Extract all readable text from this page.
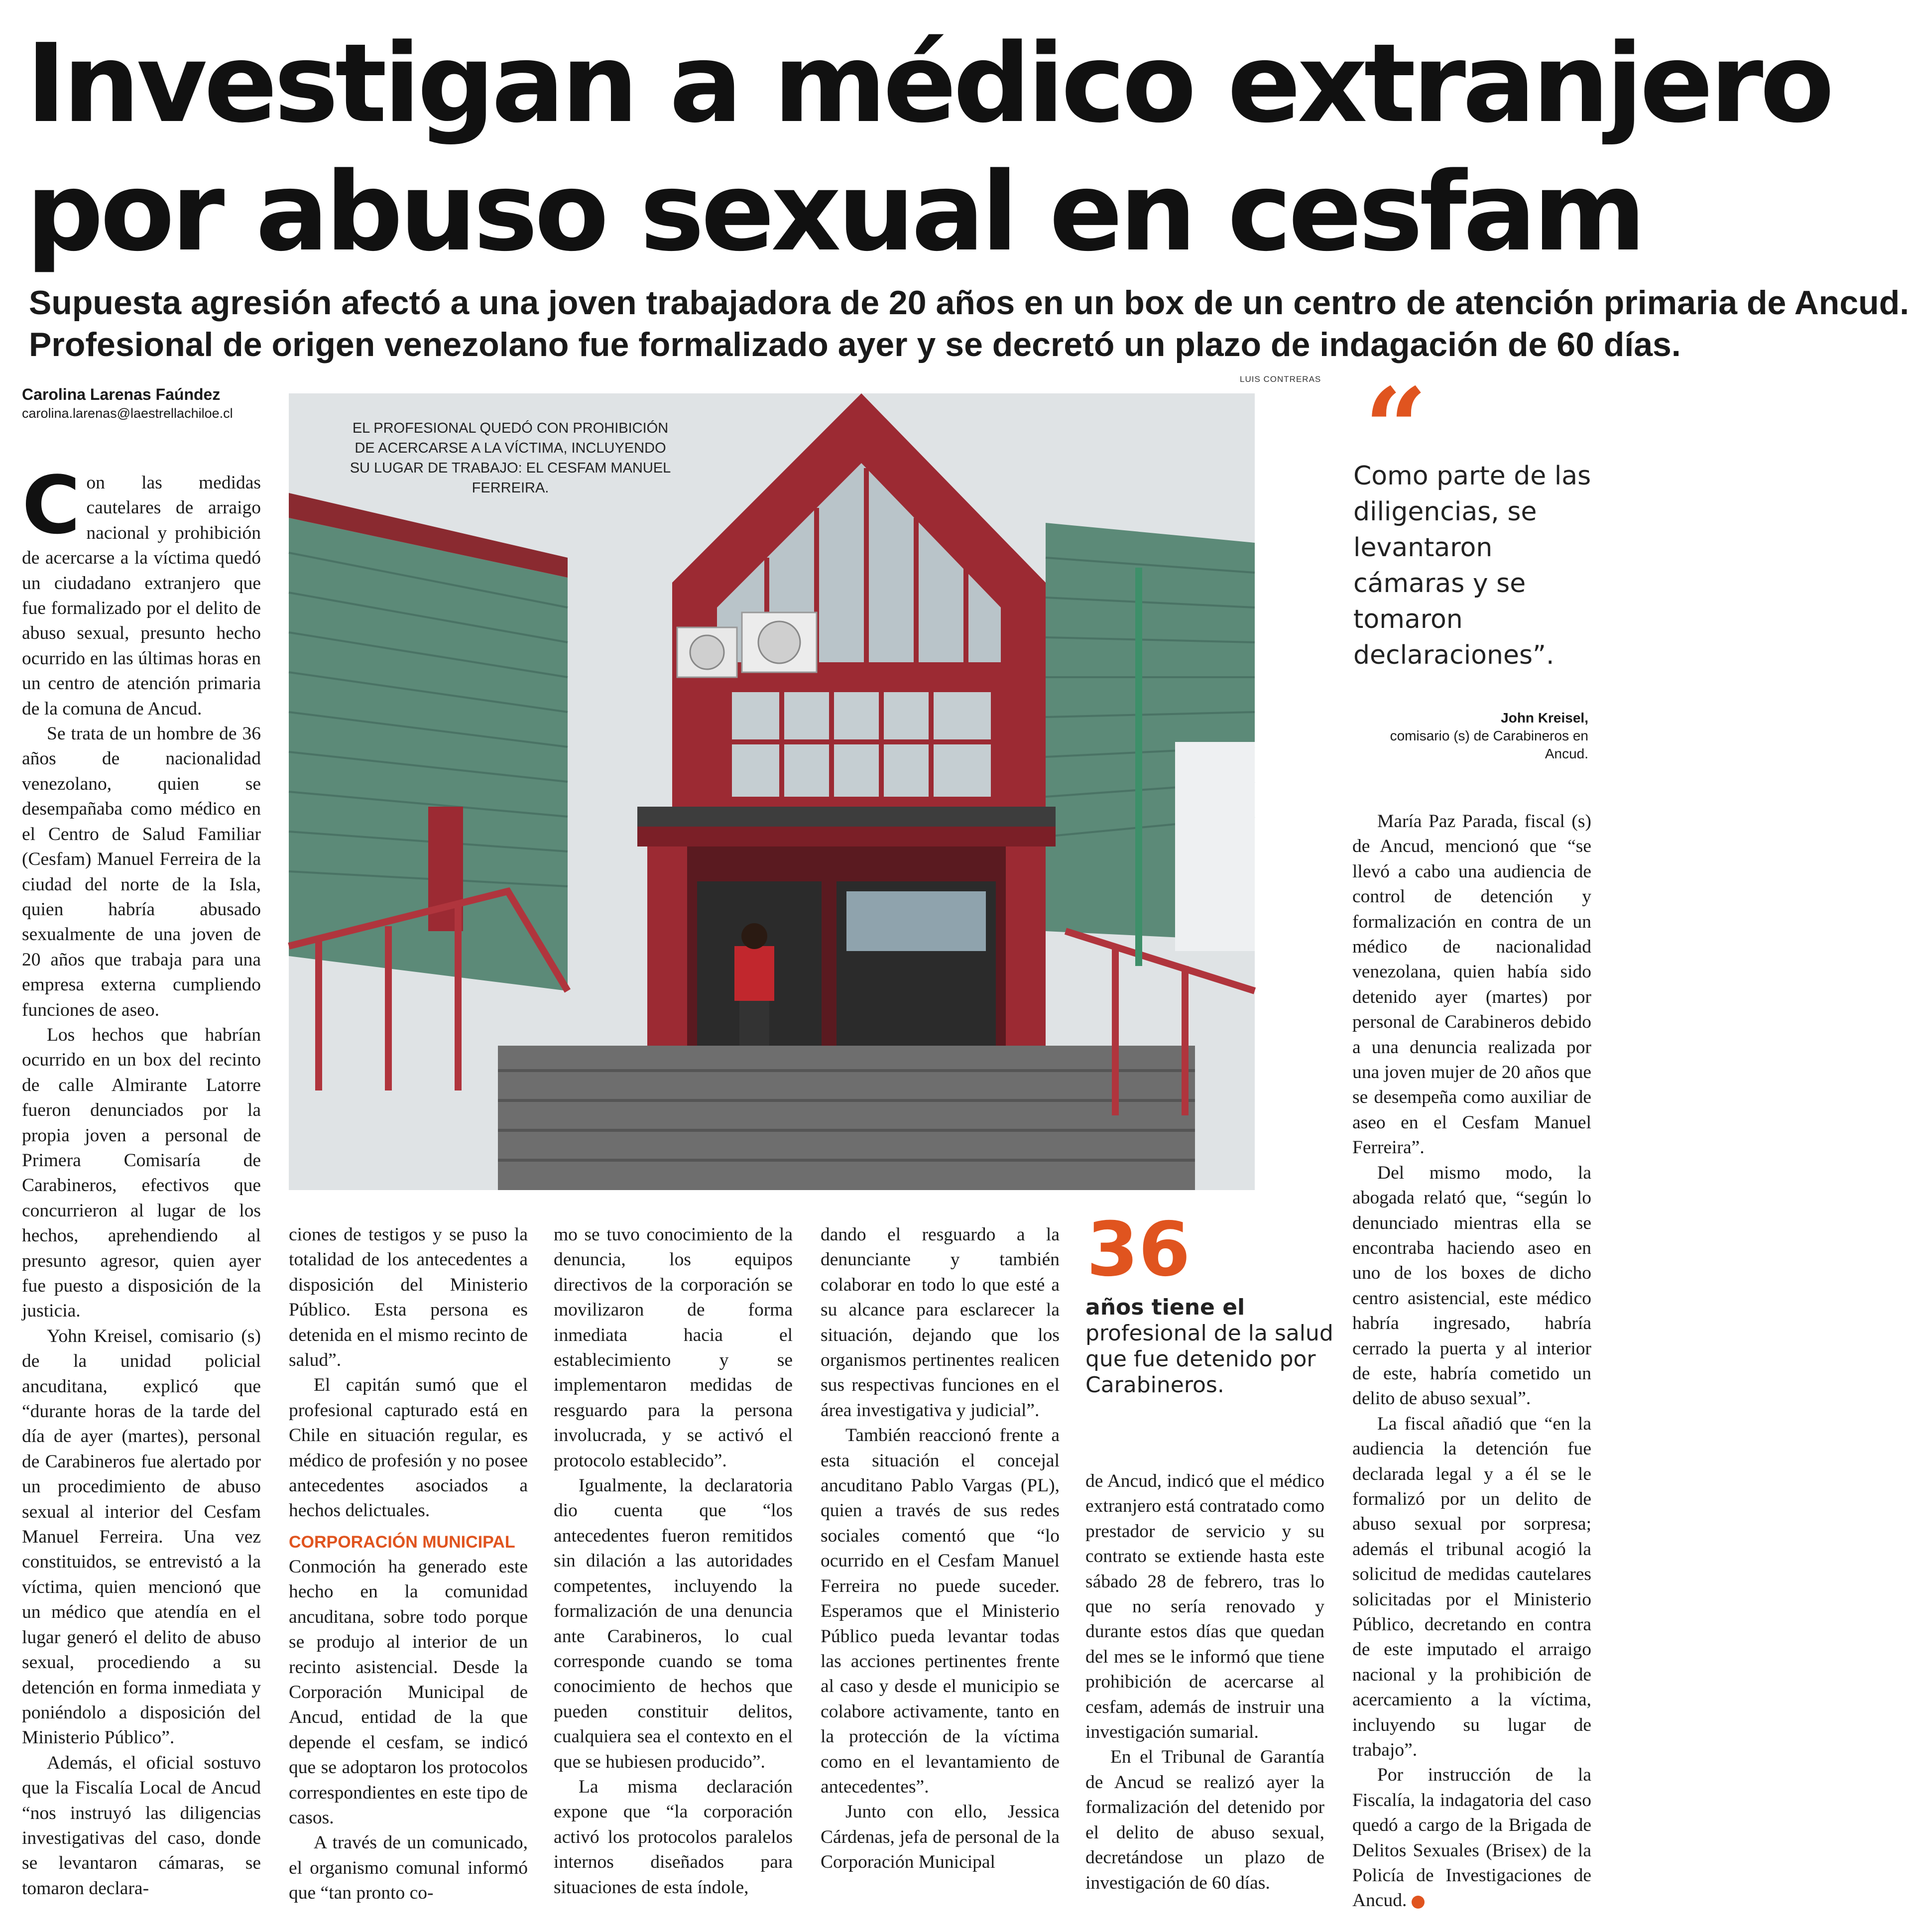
Investigan a médico extranjero
por abuso sexual en cesfam
Supuesta agresión afectó a una joven trabajadora de 20 años en un box de un centro de atención primaria de Ancud.
Profesional de origen venezolano fue formalizado ayer y se decretó un plazo de indagación de 60 días.
Carolina Larenas Faúndez
carolina.larenas@laestrellachiloe.cl
LUIS CONTRERAS
EL PROFESIONAL QUEDÓ CON PROHIBICIÓN DE ACERCARSE A LA VÍCTIMA, INCLUYENDO SU LUGAR DE TRABAJO: EL CESFAM MANUEL FERREIRA.	“
Como parte de las diligencias, se levantaron cámaras y se tomaron declaraciones”.
John Kreisel,
comisario (s) de Carabineros en Ancud.

Con las medidas cautelares de arraigo nacional y prohibición de acercarse a la víctima quedó un ciudadano extranjero que fue formalizado por el delito de abuso sexual, presunto hecho ocurrido en las últimas horas en un centro de atención primaria de la comuna de Ancud.

Se trata de un hombre de 36 años de nacionalidad venezolano, quien se desempañaba como médico en el Centro de Salud Familiar (Cesfam) Manuel Ferreira de la ciudad del norte de la Isla, quien habría abusado sexualmente de una joven de 20 años que trabaja para una empresa externa cumpliendo funciones de aseo.

Los hechos que habrían ocurrido en un box del recinto de calle Almirante Latorre fueron denunciados por la propia joven a personal de Primera Comisaría de Carabineros, efectivos que concurrieron al lugar de los hechos, aprehendiendo al presunto agresor, quien ayer fue puesto a disposición de la justicia.

Yohn Kreisel, comisario (s) de la unidad policial ancuditana, explicó que “durante horas de la tarde del día de ayer (martes), personal de Carabineros fue alertado por un procedimiento de abuso sexual al interior del Cesfam Manuel Ferreira. Una vez constituidos, se entrevistó a la víctima, quien mencionó que un médico que atendía en el lugar generó el delito de abuso sexual, procediendo a su detención en forma inmediata y poniéndolo a disposición del Ministerio Público”.

Además, el oficial sostuvo que la Fiscalía Local de Ancud “nos instruyó las diligencias investigativas del caso, donde se levantaron cámaras, se tomaron declara-

ciones de testigos y se puso la totalidad de los antecedentes a disposición del Ministerio Público. Esta persona es detenida en el mismo recinto de salud”.

El capitán sumó que el profesional capturado está en Chile en situación regular, es médico de profesión y no posee antecedentes asociados a hechos delictuales.

CORPORACIÓN MUNICIPAL

Conmoción ha generado este hecho en la comunidad ancuditana, sobre todo porque se produjo al interior de un recinto asistencial. Desde la Corporación Municipal de Ancud, entidad de la que depende el cesfam, se indicó que se adoptaron los protocolos correspondientes en este tipo de casos.

A través de un comunicado, el organismo comunal informó que “tan pronto co-

mo se tuvo conocimiento de la denuncia, los equipos directivos de la corporación se movilizaron de forma inmediata hacia el establecimiento y se implementaron medidas de resguardo para la persona involucrada, y se activó el protocolo establecido”.

Igualmente, la declaratoria dio cuenta que “los antecedentes fueron remitidos sin dilación a las autoridades competentes, incluyendo la formalización de una denuncia ante Carabineros, lo cual corresponde cuando se toma conocimiento de hechos que pueden constituir delitos, cualquiera sea el contexto en el que se hubiesen producido”.

La misma declaración expone que “la corporación activó los protocolos paralelos internos diseñados para situaciones de esta índole,

dando el resguardo a la denunciante y también colaborar en todo lo que esté a su alcance para esclarecer la situación, dejando que los organismos pertinentes realicen sus respectivas funciones en el área investigativa y judicial”.

También reaccionó frente a esta situación el concejal ancuditano Pablo Vargas (PL), quien a través de sus redes sociales comentó que “lo ocurrido en el Cesfam Manuel Ferreira no puede suceder. Esperamos que el Ministerio Público pueda levantar todas las acciones pertinentes frente al caso y desde el municipio se colabore activamente, tanto en la protección de la víctima como en el levantamiento de antecedentes”.

Junto con ello, Jessica Cárdenas, jefa de personal de la Corporación Municipal

36
años tiene el
profesional de la salud que fue detenido por Carabineros.

de Ancud, indicó que el médico extranjero está contratado como prestador de servicio y su contrato se extiende hasta este sábado 28 de febrero, tras lo que no sería renovado y durante estos días que quedan del mes se le informó que tiene prohibición de acercarse al cesfam, además de instruir una investigación sumarial.

En el Tribunal de Garantía de Ancud se realizó ayer la formalización del detenido por el delito de abuso sexual, decretándose un plazo de investigación de 60 días.

María Paz Parada, fiscal (s) de Ancud, mencionó que “se llevó a cabo una audiencia de control de detención y formalización en contra de un médico de nacionalidad venezolana, quien había sido detenido ayer (martes) por personal de Carabineros debido a una denuncia realizada por una joven mujer de 20 años que se desempeña como auxiliar de aseo en el Cesfam Manuel Ferreira”.

Del mismo modo, la abogada relató que, “según lo denunciado mientras ella se encontraba haciendo aseo en uno de los boxes de dicho centro asistencial, este médico habría ingresado, habría cerrado la puerta y al interior de este, habría cometido un delito de abuso sexual”.

La fiscal añadió que “en la audiencia la detención fue declarada legal y a él se le formalizó por un delito de abuso sexual por sorpresa; además el tribunal acogió la solicitud de medidas cautelares solicitadas por el Ministerio Público, decretando en contra de este imputado el arraigo nacional y la prohibición de acercamiento a la víctima, incluyendo su lugar de trabajo”.

Por instrucción de la Fiscalía, la indagatoria del caso quedó a cargo de la Brigada de Delitos Sexuales (Brisex) de la Policía de Investigaciones de Ancud.
